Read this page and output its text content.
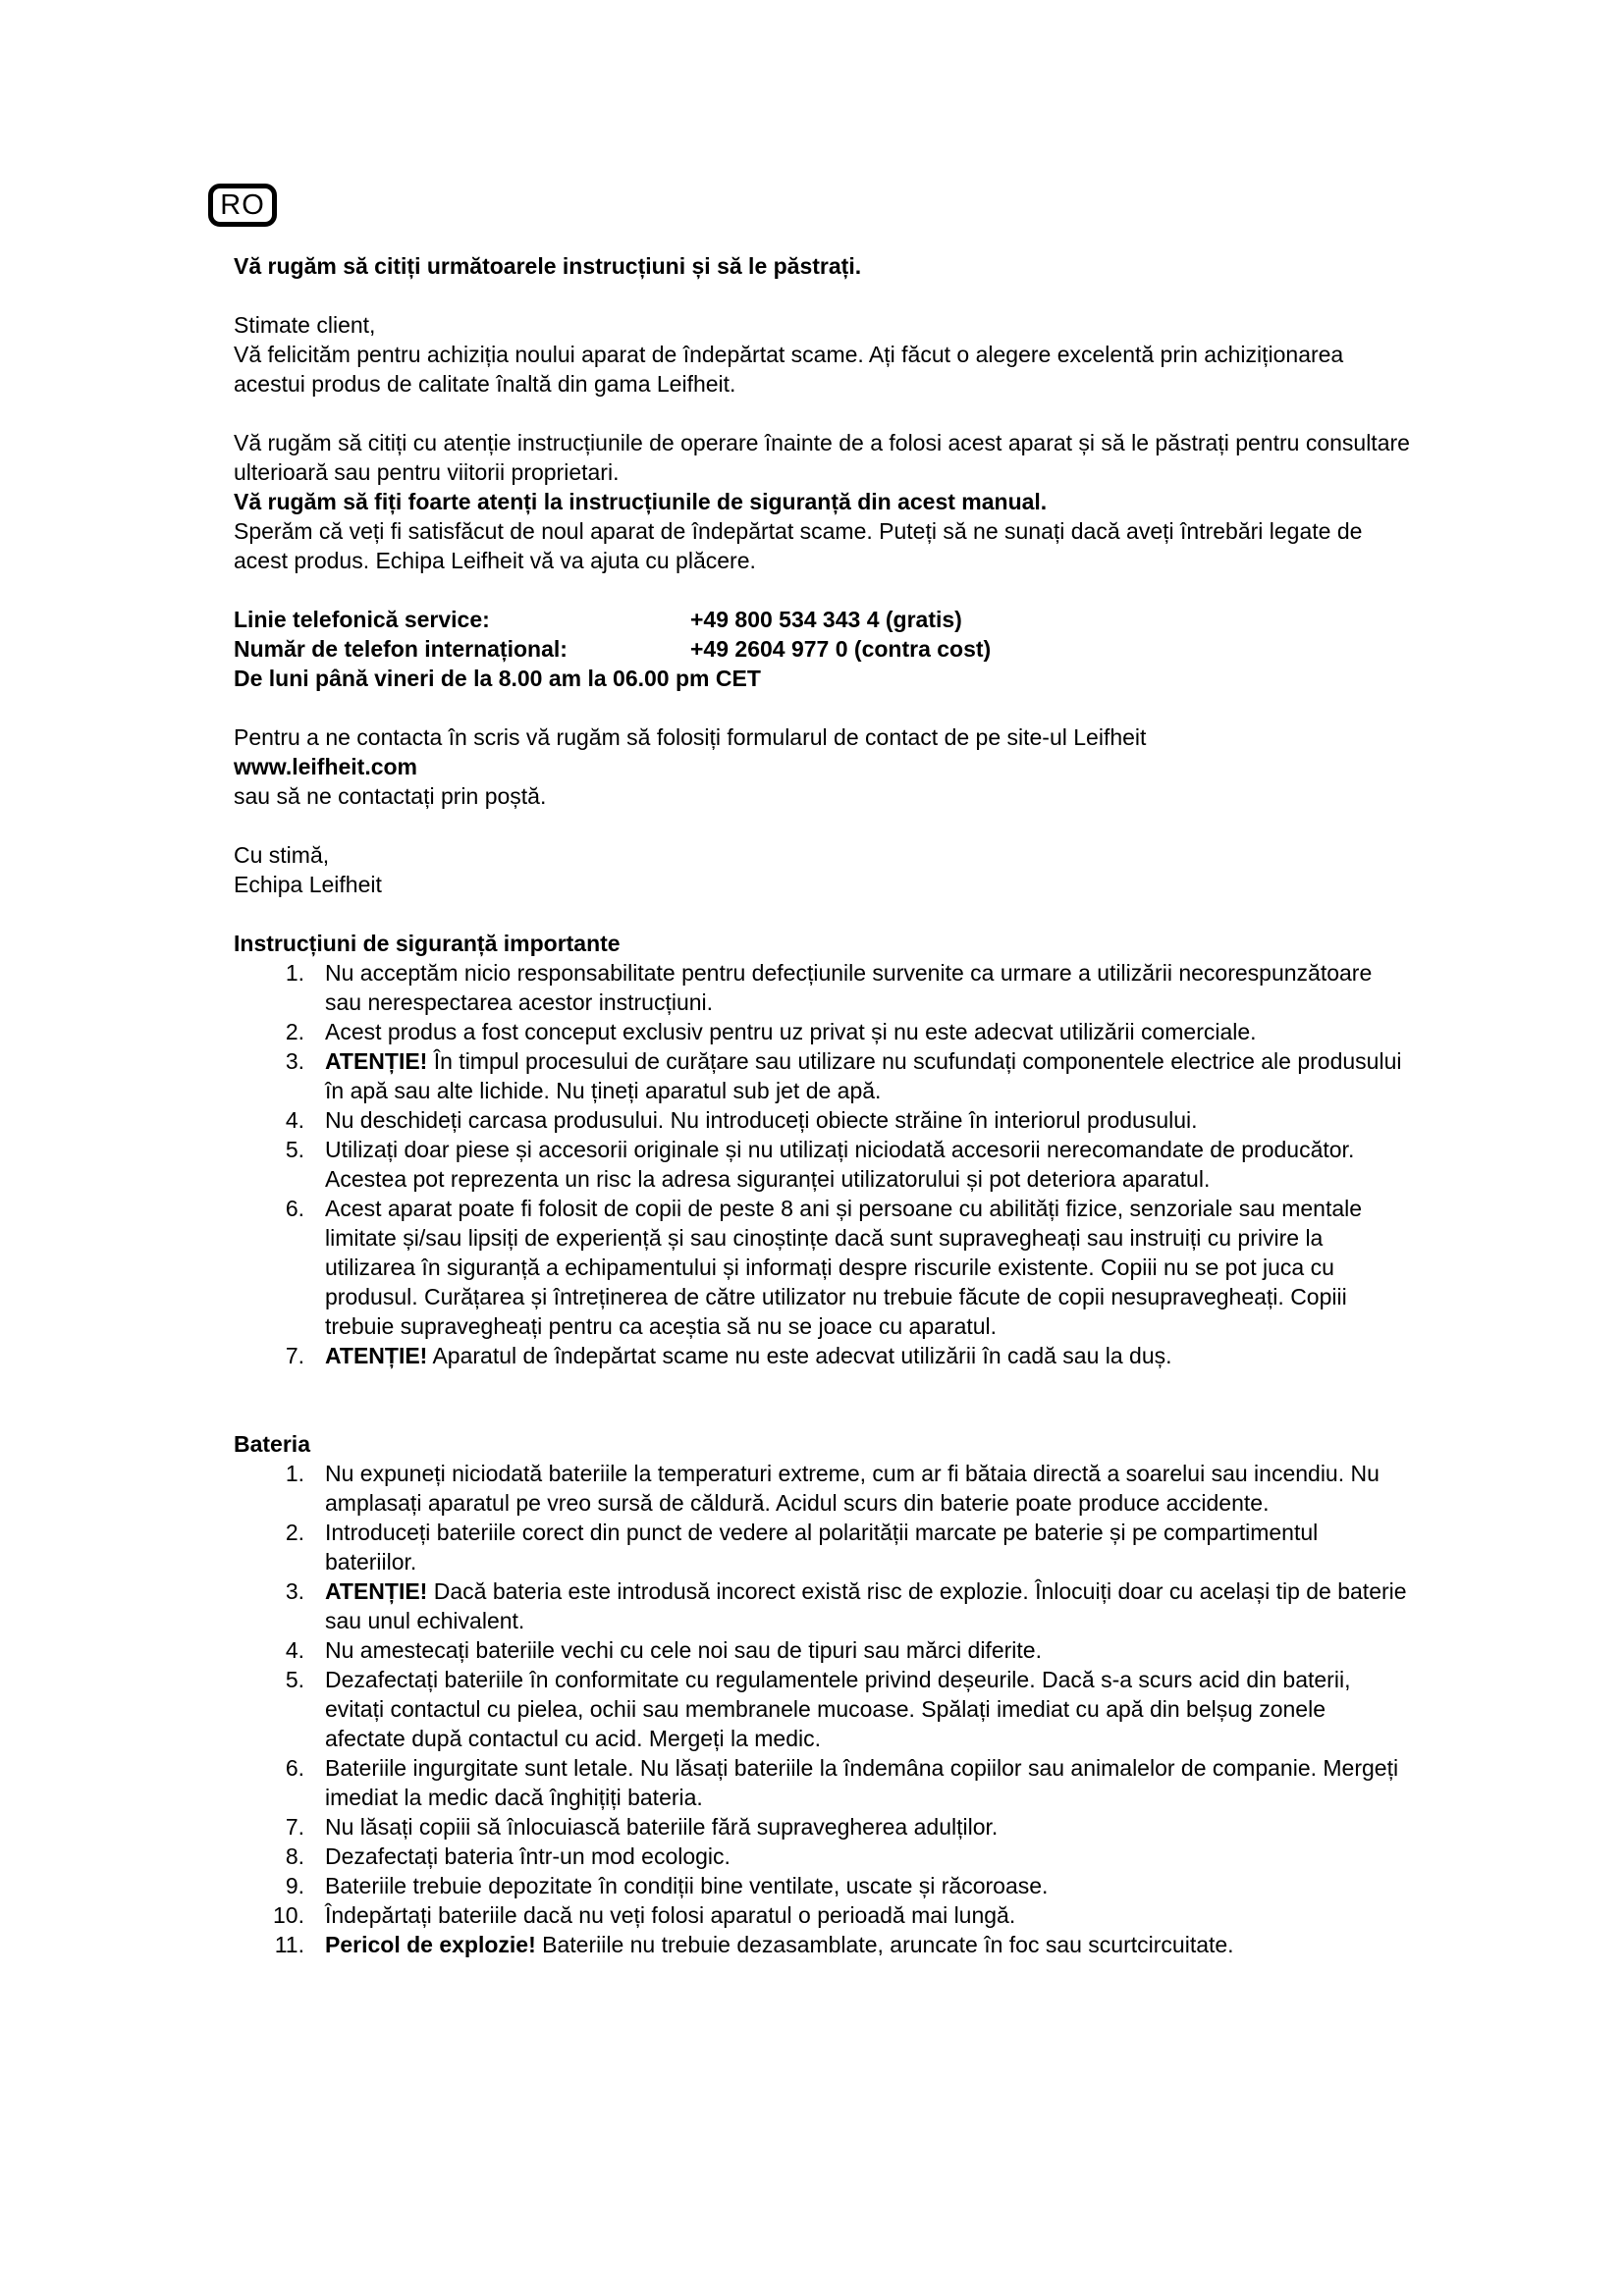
RO

Vă rugăm să citiți următoarele instrucțiuni și să le păstrați.

Stimate client,

Vă felicităm pentru achiziția noului aparat de îndepărtat scame. Ați făcut o alegere excelentă prin achiziționarea acestui produs de calitate înaltă din gama Leifheit.

Vă rugăm să citiți cu atenție instrucțiunile de operare înainte de a folosi acest aparat și să le păstrați pentru consultare ulterioară sau pentru viitorii proprietari.

Vă rugăm să fiți foarte atenți la instrucțiunile de siguranță din acest manual.

Sperăm că veți fi satisfăcut de noul aparat de îndepărtat scame. Puteți să ne sunați dacă aveți întrebări legate de acest produs. Echipa Leifheit vă va ajuta cu plăcere.

Linie telefonică service:	+49 800 534 343 4 (gratis)
Număr de telefon internațional:	+49 2604 977 0 (contra cost)

De luni până vineri de la 8.00 am la 06.00 pm CET

Pentru a ne contacta în scris vă rugăm să folosiți formularul de contact de pe site-ul Leifheit

www.leifheit.com

sau să ne contactați prin poștă.

Cu stimă,

Echipa Leifheit

Instrucțiuni de siguranță importante

1. Nu acceptăm nicio responsabilitate pentru defecțiunile survenite ca urmare a utilizării necorespunzătoare sau nerespectarea acestor instrucțiuni.
2. Acest produs a fost conceput exclusiv pentru uz privat și nu este adecvat utilizării comerciale.
3. ATENȚIE! În timpul procesului de curățare sau utilizare nu scufundați componentele electrice ale produsului în apă sau alte lichide. Nu țineți aparatul sub jet de apă.
4. Nu deschideți carcasa produsului. Nu introduceți obiecte străine în interiorul produsului.
5. Utilizați doar piese și accesorii originale și nu utilizați niciodată accesorii nerecomandate de producător. Acestea pot reprezenta un risc la adresa siguranței utilizatorului și pot deteriora aparatul.
6. Acest aparat poate fi folosit de copii de peste 8 ani și persoane cu abilități fizice, senzoriale sau mentale limitate și/sau lipsiți de experiență și sau cinoștințe dacă sunt supravegheați sau instruiți cu privire la utilizarea în siguranță a echipamentului și informați despre riscurile existente. Copiii nu se pot juca cu produsul. Curățarea și întreținerea de către utilizator nu trebuie făcute de copii nesupravegheați. Copiii trebuie supravegheați pentru ca aceștia să nu se joace cu aparatul.
7. ATENȚIE! Aparatul de îndepărtat scame nu este adecvat utilizării în cadă sau la duș.

Bateria

1. Nu expuneți niciodată bateriile la temperaturi extreme, cum ar fi bătaia directă a soarelui sau incendiu. Nu amplasați aparatul pe vreo sursă de căldură. Acidul scurs din baterie poate produce accidente.
2. Introduceți bateriile corect din punct de vedere al polarității marcate pe baterie și pe compartimentul bateriilor.
3. ATENȚIE! Dacă bateria este introdusă incorect există risc de explozie. Înlocuiți doar cu același tip de baterie sau unul echivalent.
4. Nu amestecați bateriile vechi cu cele noi sau de tipuri sau mărci diferite.
5. Dezafectați bateriile în conformitate cu regulamentele privind deșeurile. Dacă s-a scurs acid din baterii, evitați contactul cu pielea, ochii sau membranele mucoase. Spălați imediat cu apă din belșug zonele afectate după contactul cu acid. Mergeți la medic.
6. Bateriile ingurgitate sunt letale. Nu lăsați bateriile la îndemâna copiilor sau animalelor de companie. Mergeți imediat la medic dacă înghițiți bateria.
7. Nu lăsați copiii să înlocuiască bateriile fără supravegherea adulților.
8. Dezafectați bateria într-un mod ecologic.
9. Bateriile trebuie depozitate în condiții bine ventilate, uscate și răcoroase.
10. Îndepărtați bateriile dacă nu veți folosi aparatul o perioadă mai lungă.
11. Pericol de explozie! Bateriile nu trebuie dezasamblate, aruncate în foc sau scurtcircuitate.
